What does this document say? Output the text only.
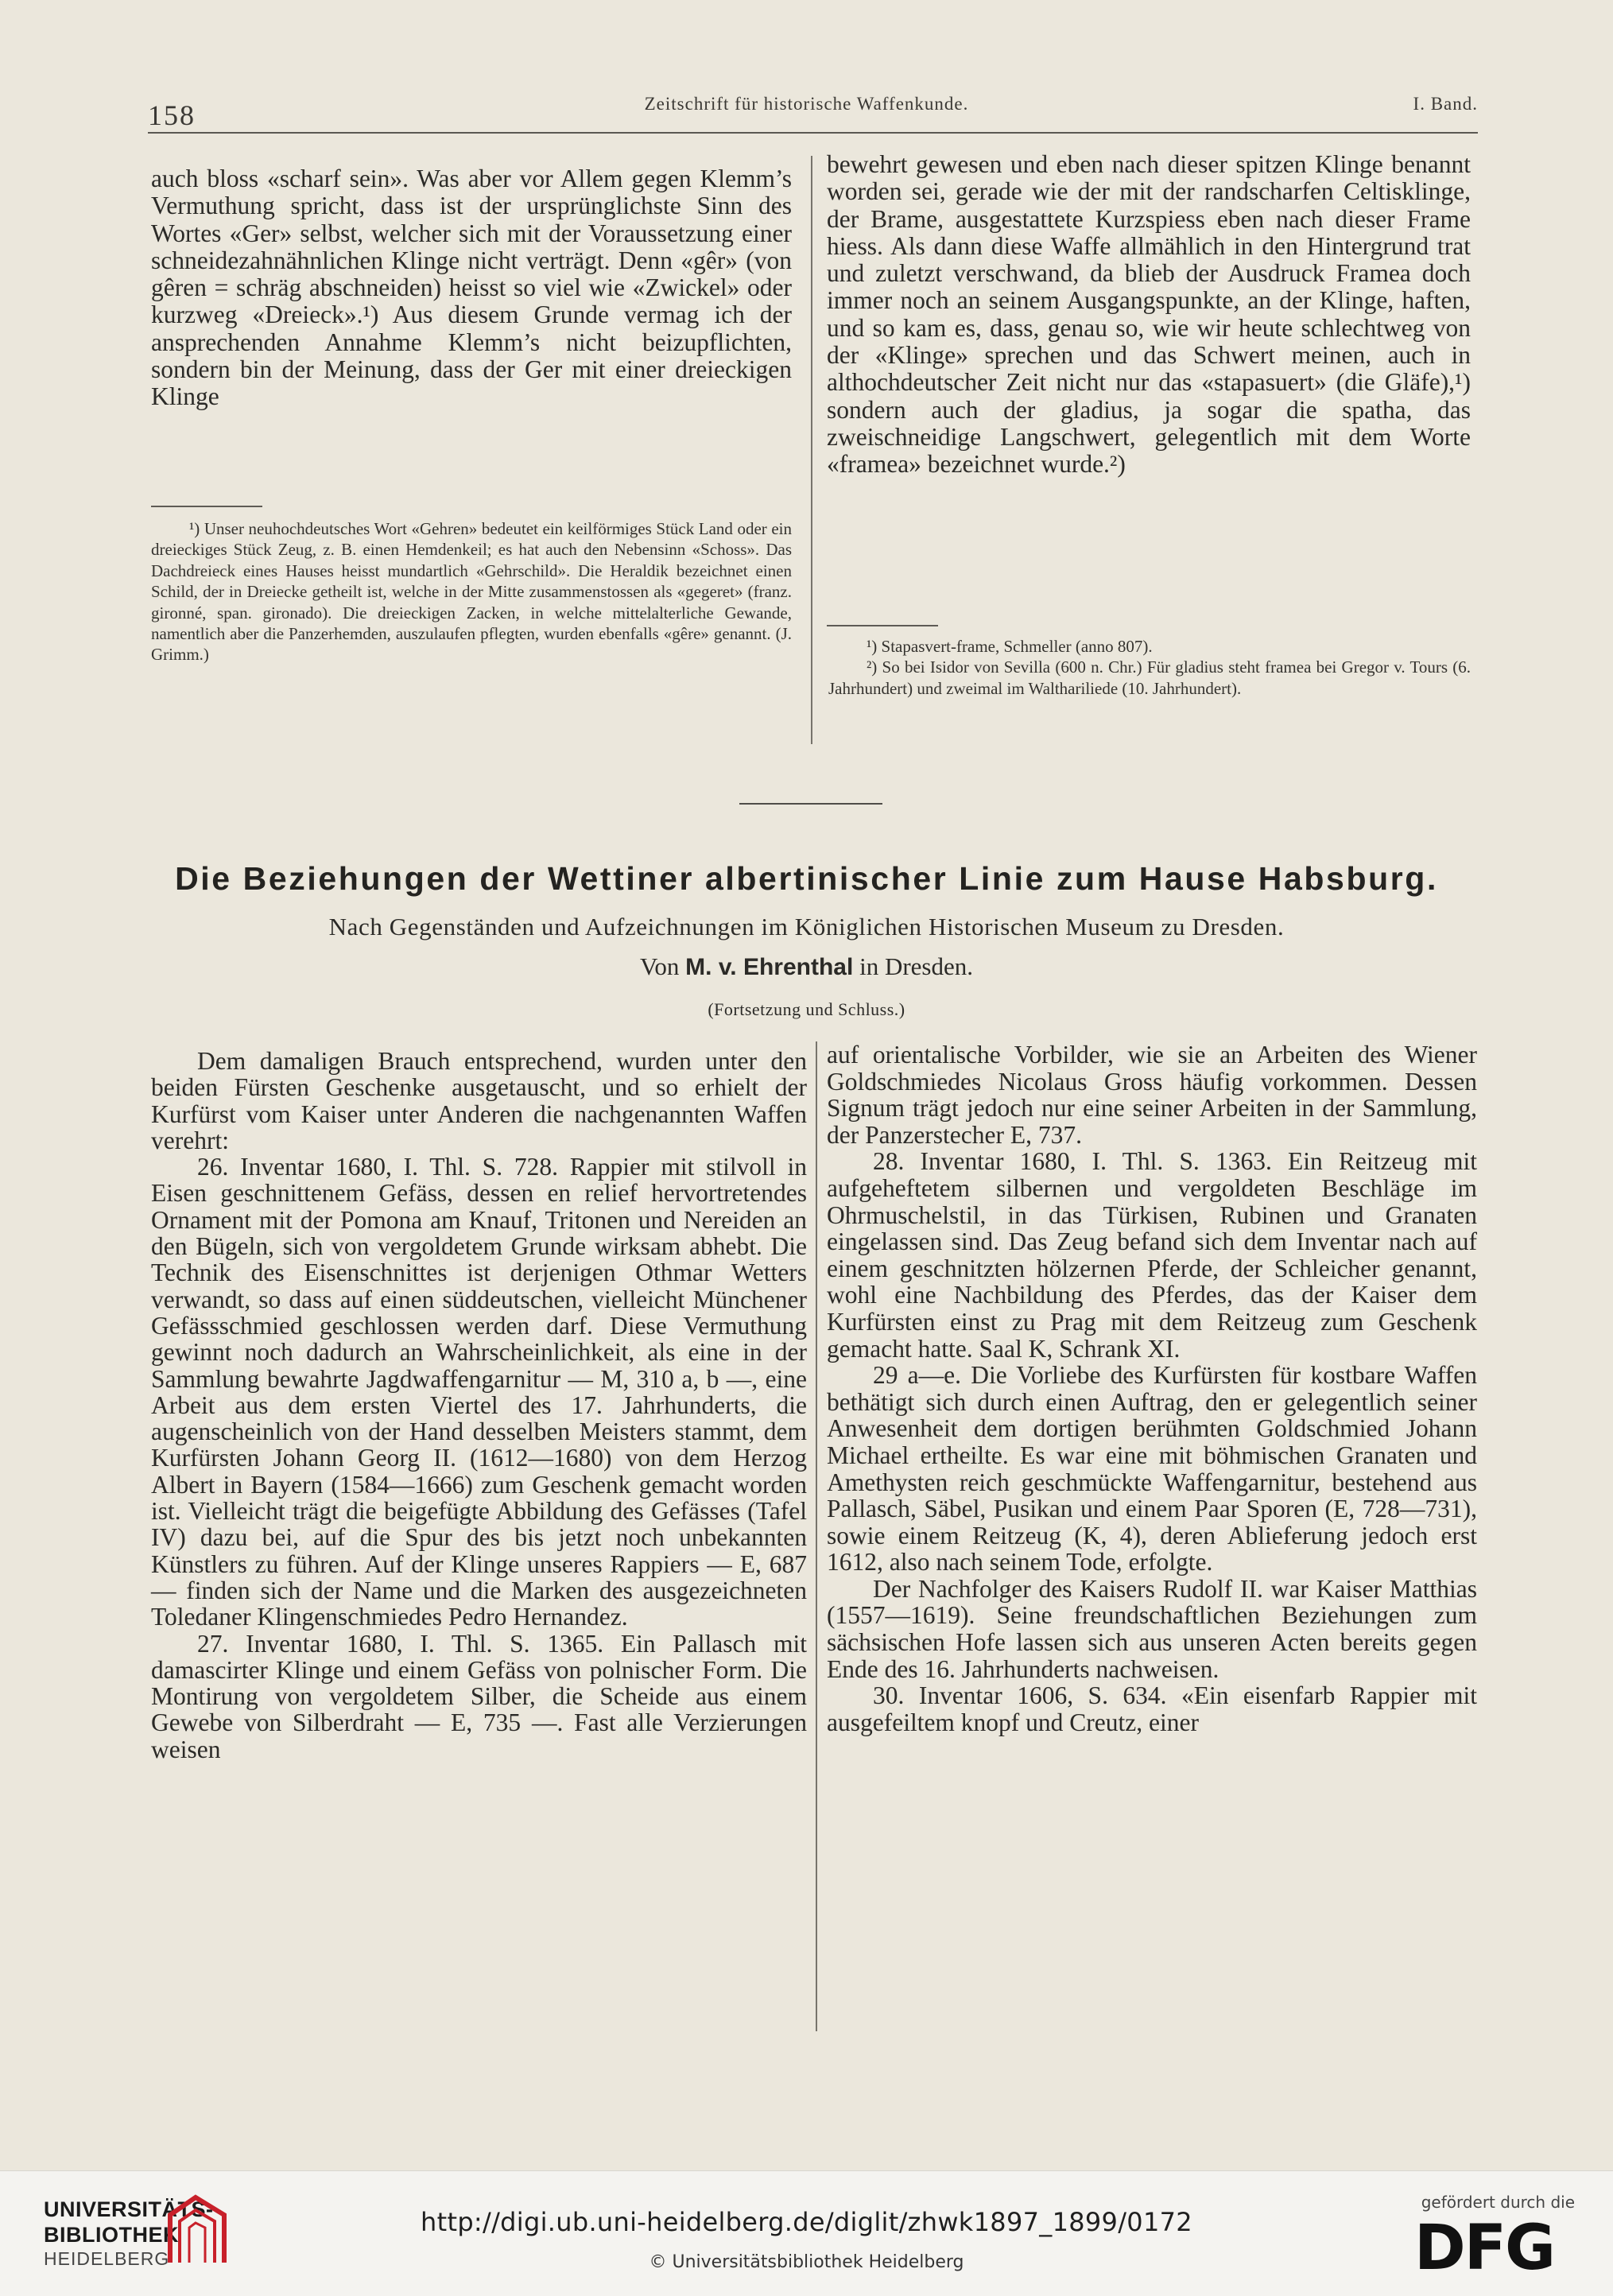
158	Zeitschrift für historische Waffenkunde.	I. Band.

auch bloss «scharf sein». Was aber vor Allem gegen Klemm’s Vermuthung spricht, dass ist der ursprünglichste Sinn des Wortes «Ger» selbst, welcher sich mit der Voraussetzung einer schneidezahnähnlichen Klinge nicht verträgt. Denn «gêr» (von gêren = schräg abschneiden) heisst so viel wie «Zwickel» oder kurzweg «Dreieck».¹) Aus diesem Grunde vermag ich der ansprechenden Annahme Klemm’s nicht beizupflichten, sondern bin der Meinung, dass der Ger mit einer dreieckigen Klinge

bewehrt gewesen und eben nach dieser spitzen Klinge benannt worden sei, gerade wie der mit der randscharfen Celtisklinge, der Brame, ausgestattete Kurzspiess eben nach dieser Frame hiess. Als dann diese Waffe allmählich in den Hintergrund trat und zuletzt verschwand, da blieb der Ausdruck Framea doch immer noch an seinem Ausgangspunkte, an der Klinge, haften, und so kam es, dass, genau so, wie wir heute schlechtweg von der «Klinge» sprechen und das Schwert meinen, auch in althochdeutscher Zeit nicht nur das «stapasuert» (die Gläfe),¹) sondern auch der gladius, ja sogar die spatha, das zweischneidige Langschwert, gelegentlich mit dem Worte «framea» bezeichnet wurde.²)

¹) Unser neuhochdeutsches Wort «Gehren» bedeutet ein keilförmiges Stück Land oder ein dreieckiges Stück Zeug, z. B. einen Hemdenkeil; es hat auch den Nebensinn «Schoss». Das Dachdreieck eines Hauses heisst mundartlich «Gehrschild». Die Heraldik bezeichnet einen Schild, der in Dreiecke getheilt ist, welche in der Mitte zusammenstossen als «gegeret» (franz. gironné, span. gironado). Die dreieckigen Zacken, in welche mittelalterliche Gewande, namentlich aber die Panzerhemden, auszulaufen pflegten, wurden ebenfalls «gêre» genannt. (J. Grimm.)	¹) Stapasvert-frame, Schmeller (anno 807).

²) So bei Isidor von Sevilla (600 n. Chr.) Für gladius steht framea bei Gregor v. Tours (6. Jahrhundert) und zweimal im Walthariliede (10. Jahrhundert).

Die Beziehungen der Wettiner albertinischer Linie zum Hause Habsburg.
Nach Gegenständen und Aufzeichnungen im Königlichen Historischen Museum zu Dresden.
Von M. v. Ehrenthal in Dresden.
(Fortsetzung und Schluss.)

Dem damaligen Brauch entsprechend, wurden unter den beiden Fürsten Geschenke ausgetauscht, und so erhielt der Kurfürst vom Kaiser unter Anderen die nachgenannten Waffen verehrt:

26. Inventar 1680, I. Thl. S. 728. Rappier mit stilvoll in Eisen geschnittenem Gefäss, dessen en relief hervortretendes Ornament mit der Pomona am Knauf, Tritonen und Nereiden an den Bügeln, sich von vergoldetem Grunde wirksam abhebt. Die Technik des Eisenschnittes ist derjenigen Othmar Wetters verwandt, so dass auf einen süddeutschen, vielleicht Münchener Gefässschmied geschlossen werden darf. Diese Vermuthung gewinnt noch dadurch an Wahrscheinlichkeit, als eine in der Sammlung bewahrte Jagdwaffengarnitur — M, 310 a, b —, eine Arbeit aus dem ersten Viertel des 17. Jahrhunderts, die augenscheinlich von der Hand desselben Meisters stammt, dem Kurfürsten Johann Georg II. (1612—1680) von dem Herzog Albert in Bayern (1584—1666) zum Geschenk gemacht worden ist. Vielleicht trägt die beigefügte Abbildung des Gefässes (Tafel IV) dazu bei, auf die Spur des bis jetzt noch unbekannten Künstlers zu führen. Auf der Klinge unseres Rappiers — E, 687 — finden sich der Name und die Marken des ausgezeichneten Toledaner Klingenschmiedes Pedro Hernandez.

27. Inventar 1680, I. Thl. S. 1365. Ein Pallasch mit damascirter Klinge und einem Gefäss von polnischer Form. Die Montirung von vergoldetem Silber, die Scheide aus einem Gewebe von Silberdraht — E, 735 —. Fast alle Verzierungen weisen

auf orientalische Vorbilder, wie sie an Arbeiten des Wiener Goldschmiedes Nicolaus Gross häufig vorkommen. Dessen Signum trägt jedoch nur eine seiner Arbeiten in der Sammlung, der Panzerstecher E, 737.

28. Inventar 1680, I. Thl. S. 1363. Ein Reitzeug mit aufgeheftetem silbernen und vergoldeten Beschläge im Ohrmuschelstil, in das Türkisen, Rubinen und Granaten eingelassen sind. Das Zeug befand sich dem Inventar nach auf einem geschnitzten hölzernen Pferde, der Schleicher genannt, wohl eine Nachbildung des Pferdes, das der Kaiser dem Kurfürsten einst zu Prag mit dem Reitzeug zum Geschenk gemacht hatte. Saal K, Schrank XI.

29 a—e. Die Vorliebe des Kurfürsten für kostbare Waffen bethätigt sich durch einen Auftrag, den er gelegentlich seiner Anwesenheit dem dortigen berühmten Goldschmied Johann Michael ertheilte. Es war eine mit böhmischen Granaten und Amethysten reich geschmückte Waffengarnitur, bestehend aus Pallasch, Säbel, Pusikan und einem Paar Sporen (E, 728—731), sowie einem Reitzeug (K, 4), deren Ablieferung jedoch erst 1612, also nach seinem Tode, erfolgte.

Der Nachfolger des Kaisers Rudolf II. war Kaiser Matthias (1557—1619). Seine freundschaftlichen Beziehungen zum sächsischen Hofe lassen sich aus unseren Acten bereits gegen Ende des 16. Jahrhunderts nachweisen.

30. Inventar 1606, S. 634. «Ein eisenfarb Rappier mit ausgefeiltem knopf und Creutz, einer

UNIVERSITÄTS-
BIBLIOTHEK
HEIDELBERG
http://digi.ub.uni-heidelberg.de/diglit/zhwk1897_1899/0172
© Universitätsbibliothek Heidelberg
gefördert durch die
DFG
